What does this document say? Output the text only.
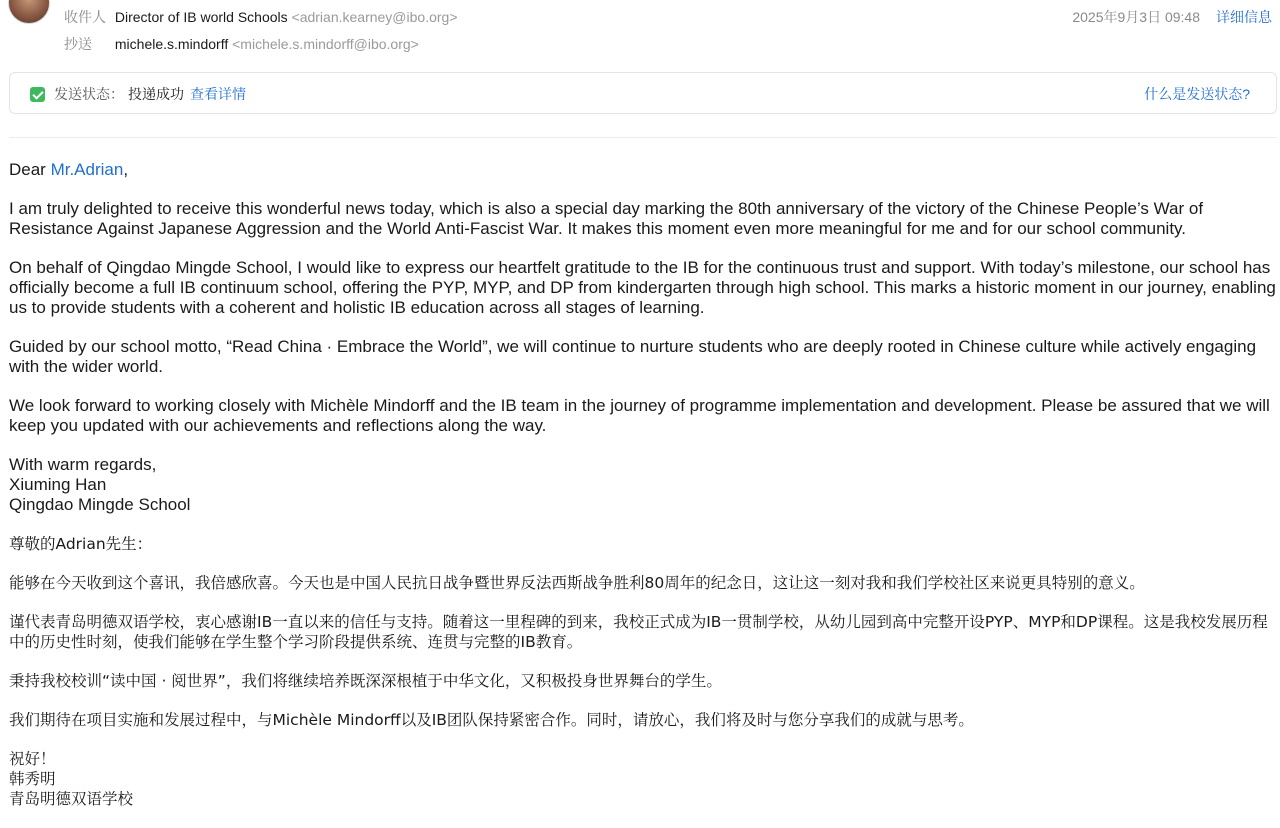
收件人 Director of IB world Schools <adrian.kearney@ibo.org>
抄送 michele.s.mindorff <michele.s.mindorff@ibo.org>
2025年9月3日 09:48 详细信息
发送状态： 投递成功 查看详情	什么是发送状态?

Dear Mr.Adrian,

I am truly delighted to receive this wonderful news today, which is also a special day marking the 80th anniversary of the victory of the Chinese People’s War of Resistance Against Japanese Aggression and the World Anti-Fascist War. It makes this moment even more meaningful for me and for our school community.

On behalf of Qingdao Mingde School, I would like to express our heartfelt gratitude to the IB for the continuous trust and support. With today’s milestone, our school has officially become a full IB continuum school, offering the PYP, MYP, and DP from kindergarten through high school. This marks a historic moment in our journey, enabling us to provide students with a coherent and holistic IB education across all stages of learning.

Guided by our school motto, “Read China · Embrace the World”, we will continue to nurture students who are deeply rooted in Chinese culture while actively engaging with the wider world.

We look forward to working closely with Michèle Mindorff and the IB team in the journey of programme implementation and development. Please be assured that we will keep you updated with our achievements and reflections along the way.

With warm regards,
Xiuming Han
Qingdao Mingde School

尊敬的Adrian先生：

能够在今天收到这个喜讯，我倍感欣喜。今天也是中国人民抗日战争暨世界反法西斯战争胜利80周年的纪念日，这让这一刻对我和我们学校社区来说更具特别的意义。

谨代表青岛明德双语学校，衷心感谢IB一直以来的信任与支持。随着这一里程碑的到来，我校正式成为IB一贯制学校，从幼儿园到高中完整开设PYP、MYP和DP课程。这是我校发展历程中的历史性时刻，使我们能够在学生整个学习阶段提供系统、连贯与完整的IB教育。

秉持我校校训“读中国 · 阅世界”，我们将继续培养既深深根植于中华文化，又积极投身世界舞台的学生。

我们期待在项目实施和发展过程中，与Michèle Mindorff以及IB团队保持紧密合作。同时，请放心，我们将及时与您分享我们的成就与思考。

祝好！
韩秀明
青岛明德双语学校
